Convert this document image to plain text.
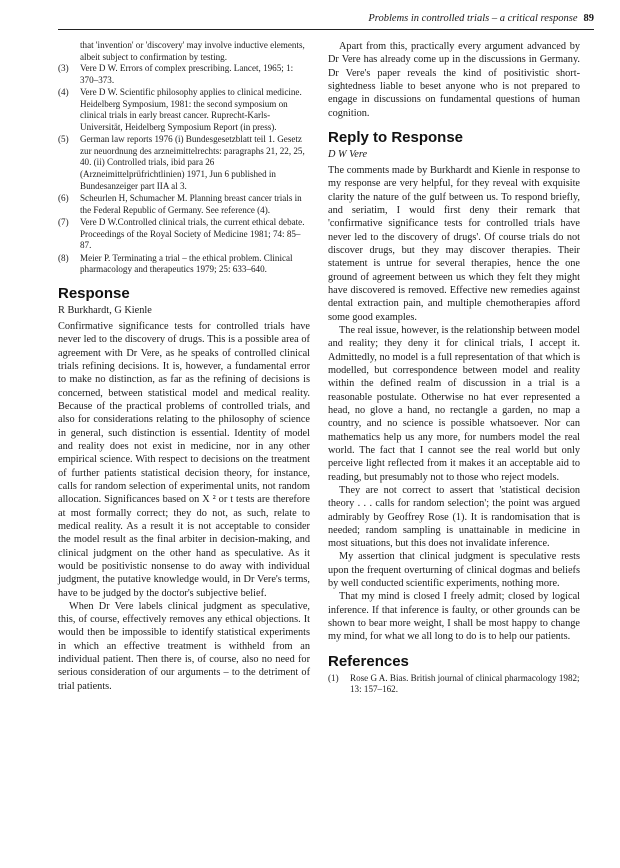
Problems in controlled trials – a critical response 89

that 'invention' or 'discovery' may involve inductive elements, albeit subject to confirmation by testing.

(3) Vere D W. Errors of complex prescribing. Lancet, 1965; 1: 370–373.
(4) Vere D W. Scientific philosophy applies to clinical medicine. Heidelberg Symposium, 1981: the second symposium on clinical trials in early breast cancer. Ruprecht-Karls-Universität, Heidelberg Symposium Report (in press).
(5) German law reports 1976 (i) Bundesgesetzblatt teil 1. Gesetz zur neuordnung des arzneimittelrechts: paragraphs 21, 22, 25, 40. (ii) Controlled trials, ibid para 26 (Arzneimittelprüfrichtlinien) 1971, Jun 6 published in Bundesanzeiger part IIA al 3.
(6) Scheurlen H, Schumacher M. Planning breast cancer trials in the Federal Republic of Germany. See reference (4).
(7) Vere D W.Controlled clinical trials, the current ethical debate. Proceedings of the Royal Society of Medicine 1981; 74: 85–87.
(8) Meier P. Terminating a trial – the ethical problem. Clinical pharmacology and therapeutics 1979; 25: 633–640.
Response
R Burkhardt, G Kienle

Confirmative significance tests for controlled trials have never led to the discovery of drugs. This is a possible area of agreement with Dr Vere, as he speaks of controlled clinical trials refining decisions. It is, however, a fundamental error to make no distinction, as far as the refining of decisions is concerned, between statistical model and medical reality. Because of the practical problems of controlled trials, and also for considerations relating to the philosophy of science in general, such distinction is essential. Identity of model and reality does not exist in medicine, nor in any other empirical science. With respect to decisions on the treatment of further patients statistical decision theory, for instance, calls for random selection of experimental units, not random allocation. Significances based on Χ ² or t tests are therefore at most formally correct; they do not, as such, relate to medical reality. As a result it is not acceptable to consider the model result as the final arbiter in decision-making, and clinical judgment on the other hand as speculative. As it would be positivistic nonsense to do away with individual judgment, the putative knowledge would, in Dr Vere's terms, have to be judged by the doctor's subjective belief.

When Dr Vere labels clinical judgment as speculative, this, of course, effectively removes any ethical objections. It would then be impossible to identify statistical experiments in which an effective treatment is withheld from an individual patient. Then there is, of course, also no need for serious consideration of our arguments – to the detriment of trial patients.

Apart from this, practically every argument advanced by Dr Vere has already come up in the discussions in Germany. Dr Vere's paper reveals the kind of positivistic short-sightedness liable to beset anyone who is not prepared to engage in discussions on fundamental questions of human cognition.

Reply to Response
D W Vere

The comments made by Burkhardt and Kienle in response to my response are very helpful, for they reveal with exquisite clarity the nature of the gulf between us. To respond briefly, and seriatim, I would first deny their remark that 'confirmative significance tests for controlled trials have never led to the discovery of drugs'. Of course trials do not discover drugs, but they may discover therapies. Their statement is untrue for several therapies, hence the one ground of agreement between us which they felt they might have discovered is removed. Effective new remedies against dental extraction pain, and multiple chemotherapies afford some good examples.

The real issue, however, is the relationship between model and reality; they deny it for clinical trials, I accept it. Admittedly, no model is a full representation of that which is modelled, but correspondence between model and reality within the defined realm of discussion in a trial is a reasonable postulate. Otherwise no hat ever represented a head, no glove a hand, no rectangle a garden, no map a country, and no science is possible whatsoever. Nor can mathematics help us any more, for numbers model the real world. The fact that I cannot see the real world but only perceive light reflected from it makes it an acceptable aid to reading, but presumably not to those who reject models.

They are not correct to assert that 'statistical decision theory . . . calls for random selection'; the point was argued admirably by Geoffrey Rose (1). It is randomisation that is needed; random sampling is unattainable in medicine in most situations, but this does not invalidate inference.

My assertion that clinical judgment is speculative rests upon the frequent overturning of clinical dogmas and beliefs by well conducted scientific experiments, nothing more.

That my mind is closed I freely admit; closed by logical inference. If that inference is faulty, or other grounds can be shown to bear more weight, I shall be most happy to change my mind, for what we all long to do is to help our patients.

References
(1) Rose G A. Bias. British journal of clinical pharmacology 1982; 13: 157–162.
